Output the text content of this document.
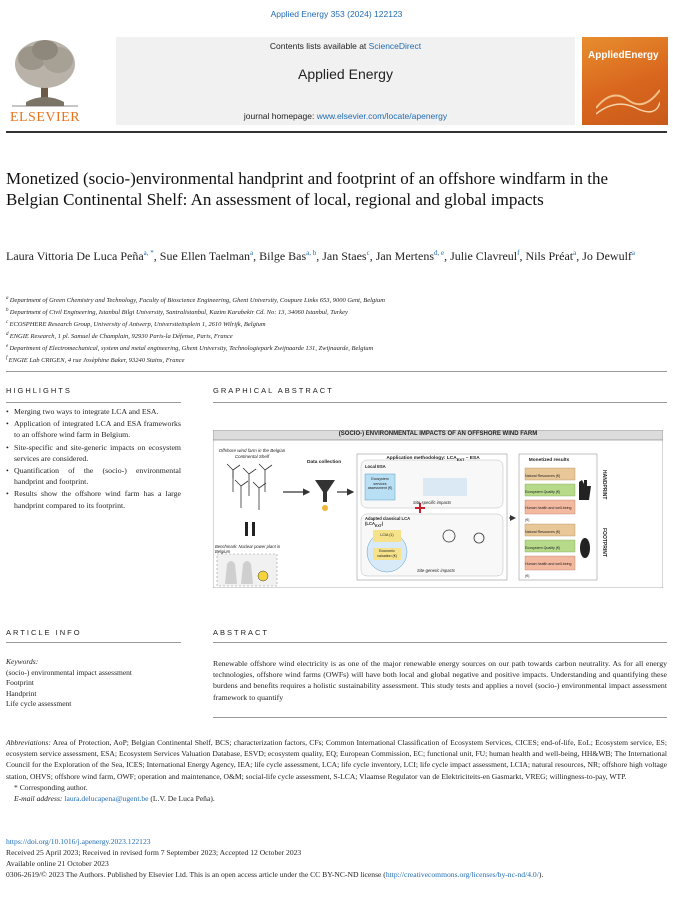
Applied Energy 353 (2024) 122123
ELSEVIER
Contents lists available at ScienceDirect
Applied Energy
journal homepage: www.elsevier.com/locate/apenergy
AppliedEnergy
Monetized (socio-)environmental handprint and footprint of an offshore windfarm in the Belgian Continental Shelf: An assessment of local, regional and global impacts
Laura Vittoria De Luca Peña$^{a, *}$, Sue Ellen Taelman$^a$, Bilge Bas$^{a, b}$, Jan Staes$^c$, Jan Mertens$^{d, e}$, Julie Clavreul$^f$, Nils Préat$^a$, Jo Dewulf$^a$
$^a$ Department of Green Chemistry and Technology, Faculty of Bioscience Engineering, Ghent University, Coupure Links 653, 9000 Gent, Belgium
$^b$ Department of Civil Engineering, Istanbul Bilgi University, Santralistanbul, Kazim Karabekir Cd. No: 13, 34060 Istanbul, Turkey
$^c$ ECOSPHERE Research Group, University of Antwerp, Universiteitsplein 1, 2610 Wilrijk, Belgium
$^d$ ENGIE Research, 1 pl. Samuel de Champlain, 92930 Paris-la Défense, Paris, France
$^e$ Department of Electromechanical, system and metal engineering, Ghent University, Technologiepark Zwijnaarde 131, Zwijnaarde, Belgium
$^f$ ENGIE Lab CRIGEN, 4 rue Josèphine Baker, 93240 Stains, France
HIGHLIGHTS
• Merging two ways to integrate LCA and ESA.
• Application of integrated LCA and ESA frameworks to an offshore wind farm in Belgium.
• Site-specific and site-generic impacts on ecosystem services are considered.
• Quantification of the (socio-) environmental handprint and footprint.
• Results show the offshore wind farm has a large handprint compared to its footprint.
GRAPHICAL ABSTRACT
(SOCIO-) ENVIRONMENTAL IMPACTS OF AN OFFSHORE WIND FARM
Offshore wind farm in the Belgian Continental Shelf
Data collection
Application methodology: $LCA_{EXT}$ – ESA
Local ESA
Ecosystem services assessment (€)
Site-specific impacts
Adapted classical LCA $(LCA_{EXT})$
LCIA (1)
Economic valuation (€)
Site-generic impacts
Benchmark: Nuclear power plant in Belgium
Monetized results
Natural Resources (€)
Ecosystem Quality (€)
Human health and well-being (€)
Natural Resources (€)
Ecosystem Quality (€)
Human health and well-being (€)
HANDPRINT
FOOTPRINT
ARTICLE INFO
Keywords:
(socio-) environmental impact assessment
Footprint
Handprint
Life cycle assessment
ABSTRACT
Renewable offshore wind electricity is as one of the major renewable energy sources on our path towards carbon neutrality. As for all energy technologies, offshore wind farms (OWFs) will have both local and global negative and positive impacts. Understanding and quantifying these burdens and benefits requires a holistic sustainability assessment. This study tests and applies a novel (socio-) environmental impact assessment framework to quantify
Abbreviations: Area of Protection, AoP; Belgian Continental Shelf, BCS; characterization factors, CFs; Common International Classification of Ecosystem Services, CICES; end-of-life, EoL; Ecosystem service, ES; ecosystem service assessment, ESA; Ecosystem Services Valuation Database, ESVD; ecosystem quality, EQ; European Commission, EC; functional unit, FU; human health and well-being, HH&WB; The International Council for the Exploration of the Sea, ICES; International Energy Agency, IEA; life cycle assessment, LCA; life cycle inventory, LCI; life cycle impact assessment, LCIA; natural resources, NR; offshore high voltage station, OHVS; offshore wind farm, OWF; operation and maintenance, O&M; social-life cycle assessment, S-LCA; Vlaamse Regulator van de Elektriciteits-en Gasmarkt, VREG; willingness-to-pay, WTP.
* Corresponding author.
E-mail address: laura.delucapena@ugent.be (L.V. De Luca Peña).
https://doi.org/10.1016/j.apenergy.2023.122123
Received 25 April 2023; Received in revised form 7 September 2023; Accepted 12 October 2023
Available online 21 October 2023
0306-2619/© 2023 The Authors. Published by Elsevier Ltd. This is an open access article under the CC BY-NC-ND license (http://creativecommons.org/licenses/by-nc-nd/4.0/).
